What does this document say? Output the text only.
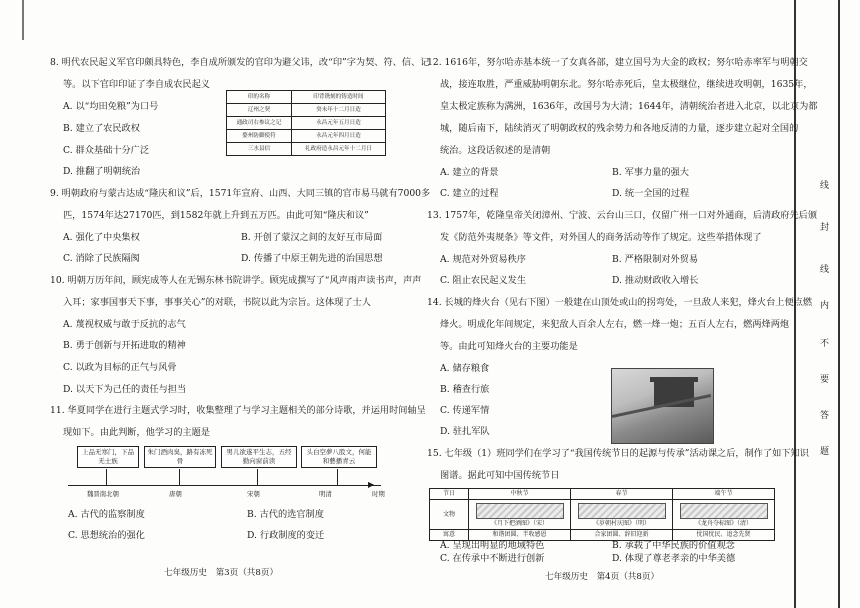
8. 明代农民起义军官印颇具特色，李自成所颁发的官印为避父讳，改“印”字为契、符、信、记
等。以下官印印证了李自成农民起义
印的名称	印背镌刻的铸造时间
辽州之契	癸未年十二月日造
通政司右参议之记	永昌元年五月日造
婺州防御使符	永昌元年四月日造
三水县信	礼政府造永昌元年十二月日
A. 以“均田免粮”为口号
B. 建立了农民政权
C. 群众基础十分广泛
D. 推翻了明朝统治
9. 明朝政府与蒙古达成“隆庆和议”后，1571年宣府、山西、大同三镇的官市易马就有7000多
匹，1574年达27170匹，到1582年就上升到五万匹。由此可知“隆庆和议”
A. 强化了中央集权	B. 开创了蒙汉之间的友好互市局面
C. 消除了民族隔阂	D. 传播了中原王朝先进的治国思想
10. 明朝万历年间，顾宪成等人在无锡东林书院讲学。顾宪成撰写了“风声雨声读书声，声声
入耳；家事国事天下事，事事关心”的对联，书院以此为宗旨。这体现了士人
A. 蔑视权威与敢于反抗的志气
B. 勇于创新与开拓进取的精神
C. 以政为目标的正气与风骨
D. 以天下为己任的责任与担当
11. 华夏同学在进行主题式学习时，收集整理了与学习主题相关的部分诗歌，并运用时间轴呈
现如下。由此判断，他学习的主题是
上品无寒门，下品无士族
朱门酒肉臭，路有冻死骨
男儿欲遂平生志，五经勤向窗前读
头白空夢八股文，何能和藝播青云
▶
魏晋南北朝	唐朝	宋朝	明清	时期
A. 古代的监察制度	B. 古代的选官制度
C. 思想统治的强化	D. 行政制度的变迁
七年级历史　第3页（共8页）
12. 1616年，努尔哈赤基本统一了女真各部，建立国号为大金的政权；努尔哈赤率军与明朝交
战，接连取胜，严重威胁明朝东北。努尔哈赤死后，皇太极继位，继续进攻明朝，1635年，
皇太极定族称为满洲，1636年，改国号为大清；1644年，清朝统治者进入北京，以北京为都
城，随后南下，陆续消灭了明朝政权的残余势力和各地反清的力量，逐步建立起对全国的
统治。这段话叙述的是清朝
A. 建立的背景	B. 军事力量的强大
C. 建立的过程	D. 统一全国的过程
13. 1757年，乾隆皇帝关闭漳州、宁波、云台山三口，仅留广州一口对外通商，后清政府先后颁
发《防范外夷规条》等文件，对外国人的商务活动等作了规定。这些举措体现了
A. 规范对外贸易秩序	B. 严格限制对外贸易
C. 阻止农民起义发生	D. 推动财政收入增长
14. 长城的烽火台（见右下图）一般建在山顶处或山的拐弯处，一旦敌人来犯，烽火台上便点燃
烽火。明成化年间规定，来犯敌人百余人左右，燃一烽一炮；五百人左右，燃两烽两炮
等。由此可知烽火台的主要功能是
A. 储存粮食
B. 稽查行旅
C. 传递军情
D. 驻扎军队
15. 七年级（1）班同学们在学习了“我国传统节日的起源与传承”活动课之后，制作了如下知识
图谱。据此可知中国传统节日
节日	中秋节	春节	端午节
文物	《月下把酒图》（宋）	《岁朝村庆图》（明）	《龙舟夺标图》（清）

寓意	和谐团圆、半收感恩	合家团圆、辞旧迎新	忧国忧民、追念先贤
A. 呈现出明显的地域特色	B. 承载了中华民族的价值观念
C. 在传承中不断进行创新	D. 体现了尊老孝亲的中华美德
七年级历史　第4页（共8页）
线
封
线
内
不
要
答
题
